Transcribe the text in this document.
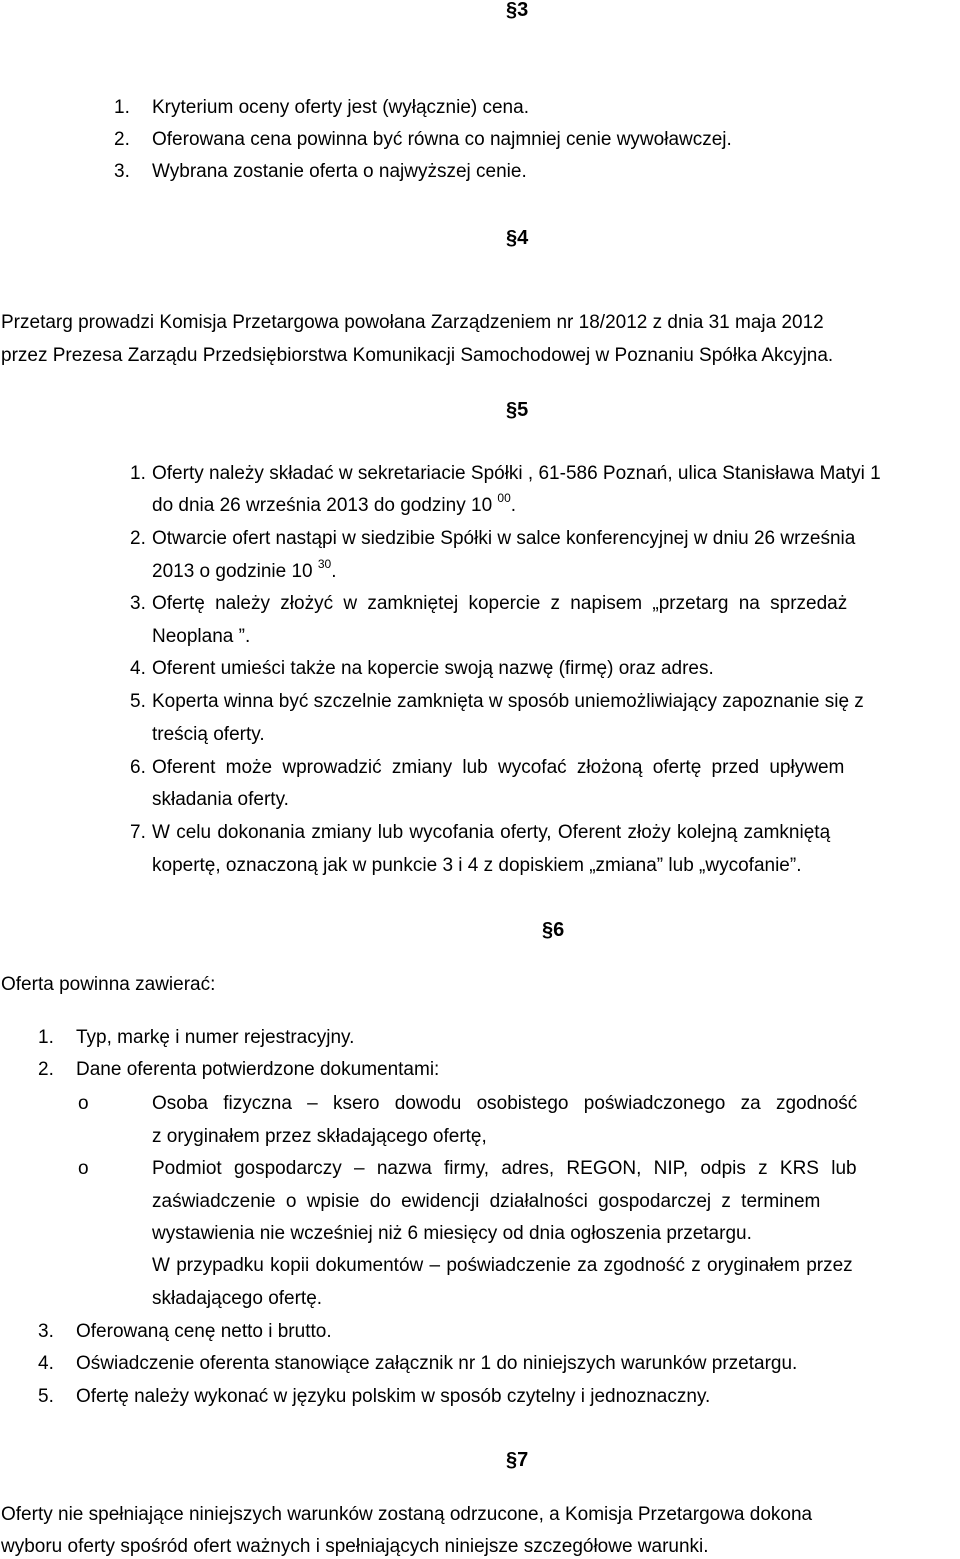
§3
1. Kryterium oceny oferty jest (wyłącznie) cena.
2. Oferowana cena powinna być równa co najmniej cenie wywoławczej.
3. Wybrana zostanie oferta o najwyższej cenie.
§4
Przetarg prowadzi Komisja Przetargowa powołana Zarządzeniem nr 18/2012 z dnia 31 maja 2012
przez Prezesa Zarządu Przedsiębiorstwa Komunikacji Samochodowej w Poznaniu Spółka Akcyjna.
§5
1. Oferty należy składać w sekretariacie Spółki , 61-586 Poznań, ulica Stanisława Matyi 1
do dnia 26 września 2013 do godziny 10 $^{00}$.
2. Otwarcie ofert nastąpi w siedzibie Spółki w salce konferencyjnej w dniu 26 września
2013 o godzinie 10 $^{30}$.
3. Ofertę należy złożyć w zamkniętej kopercie z napisem „przetarg na sprzedaż
Neoplana ”.
4. Oferent umieści także na kopercie swoją nazwę (firmę) oraz adres.
5. Koperta winna być szczelnie zamknięta w sposób uniemożliwiający zapoznanie się z
treścią oferty.
6. Oferent może wprowadzić zmiany lub wycofać złożoną ofertę przed upływem
składania oferty.
7. W celu dokonania zmiany lub wycofania oferty, Oferent złoży kolejną zamkniętą
kopertę, oznaczoną jak w punkcie 3 i 4 z dopiskiem „zmiana” lub „wycofanie”.
§6
Oferta powinna zawierać:
1. Typ, markę i numer rejestracyjny.
2. Dane oferenta potwierdzone dokumentami:
o	Osoba fizyczna – ksero dowodu osobistego poświadczonego za zgodność
z oryginałem przez składającego ofertę,
o	Podmiot gospodarczy – nazwa firmy, adres, REGON, NIP, odpis z KRS lub
zaświadczenie o wpisie do ewidencji działalności gospodarczej z terminem
wystawienia nie wcześniej niż 6 miesięcy od dnia ogłoszenia przetargu.
W przypadku kopii dokumentów – poświadczenie za zgodność z oryginałem przez
składającego ofertę.
3. Oferowaną cenę netto i brutto.
4. Oświadczenie oferenta stanowiące załącznik nr 1 do niniejszych warunków przetargu.
5. Ofertę należy wykonać w języku polskim w sposób czytelny i jednoznaczny.
§7
Oferty nie spełniające niniejszych warunków zostaną odrzucone, a Komisja Przetargowa dokona
wyboru oferty spośród ofert ważnych i spełniających niniejsze szczegółowe warunki.
